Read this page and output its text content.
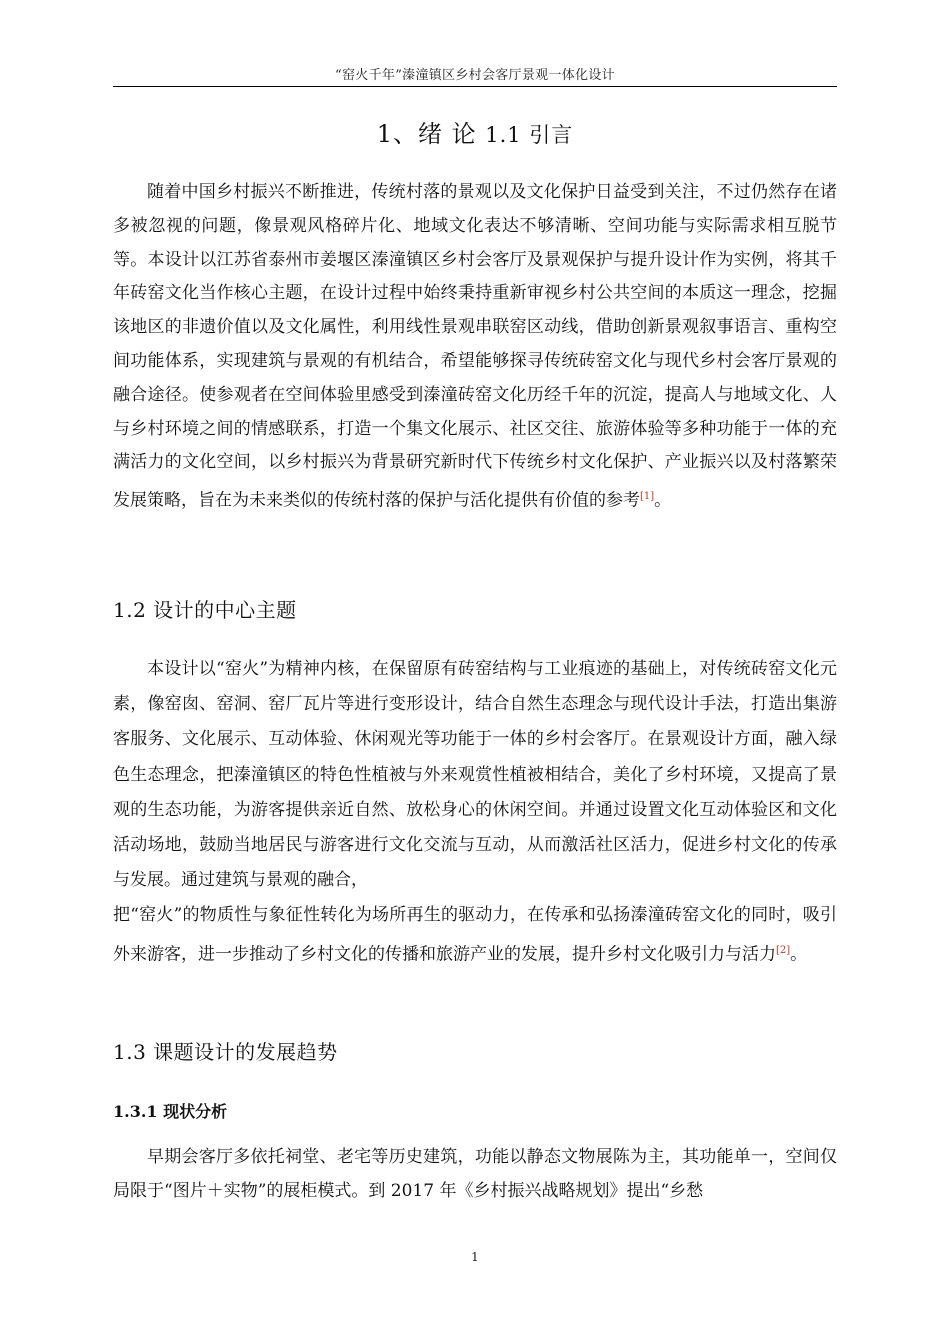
“窑火千年”溱潼镇区乡村会客厅景观一体化设计
1、绪 论 1.1 引言

随着中国乡村振兴不断推进，传统村落的景观以及文化保护日益受到关注，不过仍然存在诸多被忽视的问题，像景观风格碎片化、地域文化表达不够清晰、空间功能与实际需求相互脱节等。本设计以江苏省泰州市姜堰区溱潼镇区乡村会客厅及景观保护与提升设计作为实例，将其千年砖窑文化当作核心主题，在设计过程中始终秉持重新审视乡村公共空间的本质这一理念，挖掘该地区的非遗价值以及文化属性，利用线性景观串联窑区动线，借助创新景观叙事语言、重构空间功能体系，实现建筑与景观的有机结合，希望能够探寻传统砖窑文化与现代乡村会客厅景观的融合途径。使参观者在空间体验里感受到溱潼砖窑文化历经千年的沉淀，提高人与地域文化、人与乡村环境之间的情感联系，打造一个集文化展示、社区交往、旅游体验等多种功能于一体的充满活力的文化空间，以乡村振兴为背景研究新时代下传统乡村文化保护、产业振兴以及村落繁荣发展策略，旨在为未来类似的传统村落的保护与活化提供有价值的参考[1]。

1.2 设计的中心主题

本设计以“窑火”为精神内核，在保留原有砖窑结构与工业痕迹的基础上，对传统砖窑文化元素，像窑囱、窑洞、窑厂瓦片等进行变形设计，结合自然生态理念与现代设计手法，打造出集游客服务、文化展示、互动体验、休闲观光等功能于一体的乡村会客厅。在景观设计方面，融入绿色生态理念，把溱潼镇区的特色性植被与外来观赏性植被相结合，美化了乡村环境，又提高了景观的生态功能，为游客提供亲近自然、放松身心的休闲空间。并通过设置文化互动体验区和文化活动场地，鼓励当地居民与游客进行文化交流与互动，从而激活社区活力，促进乡村文化的传承与发展。通过建筑与景观的融合，

把“窑火”的物质性与象征性转化为场所再生的驱动力，在传承和弘扬溱潼砖窑文化的同时，吸引外来游客，进一步推动了乡村文化的传播和旅游产业的发展，提升乡村文化吸引力与活力[2]。

1.3 课题设计的发展趋势
1.3.1 现状分析

早期会客厅多依托祠堂、老宅等历史建筑，功能以静态文物展陈为主，其功能单一，空间仅局限于“图片＋实物”的展柜模式。到 2017 年《乡村振兴战略规划》提出“乡愁

1
